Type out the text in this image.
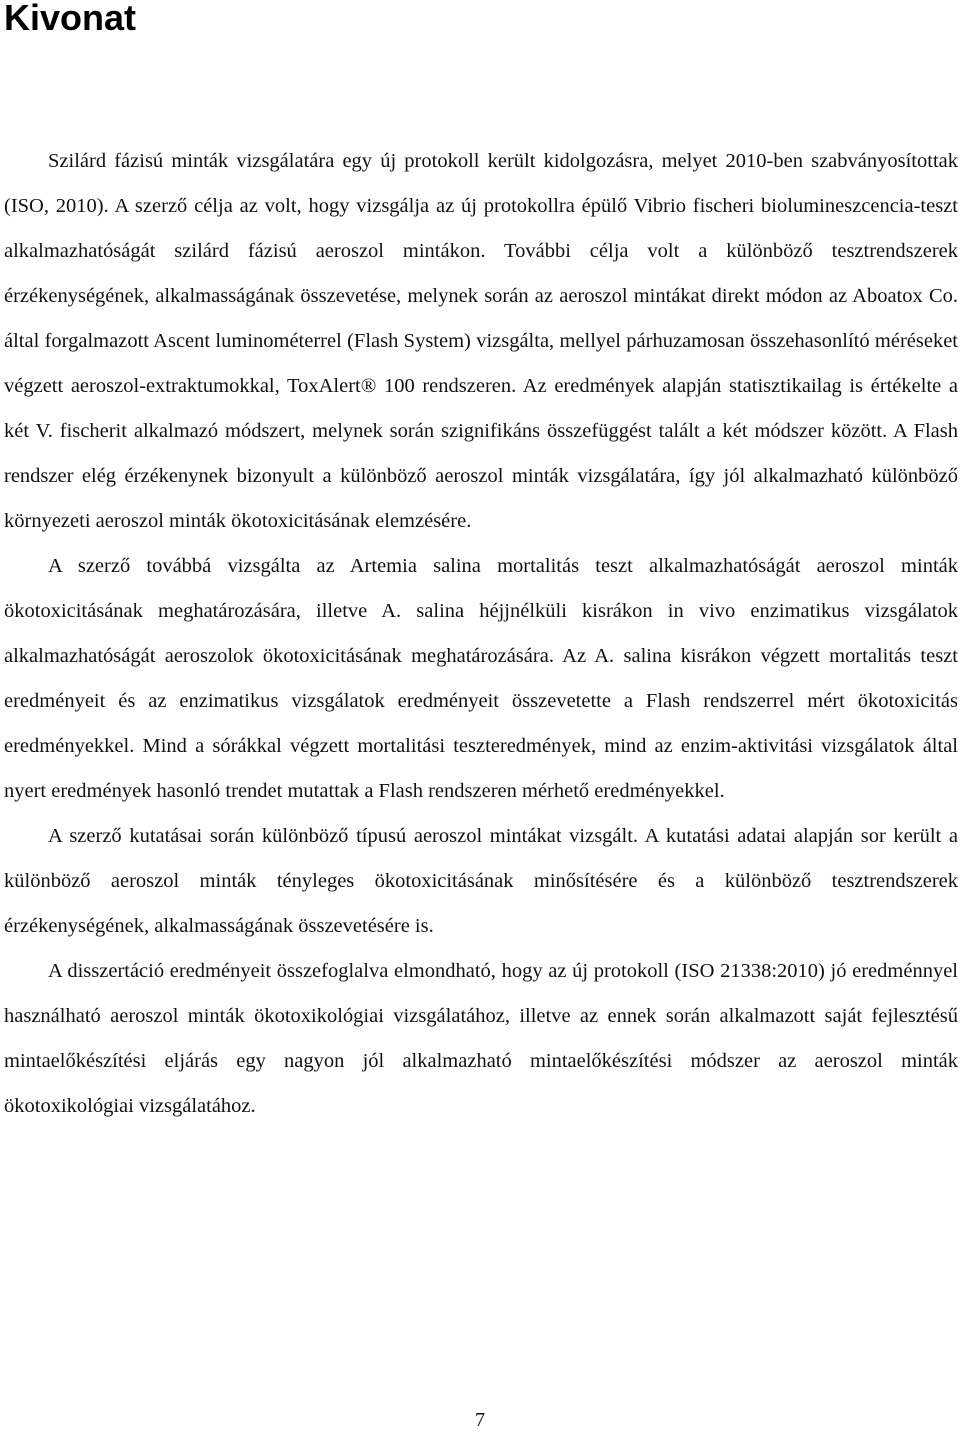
Kivonat

Szilárd fázisú minták vizsgálatára egy új protokoll került kidolgozásra, melyet 2010-ben szabványosítottak (ISO, 2010). A szerző célja az volt, hogy vizsgálja az új protokollra épülő Vibrio fischeri biolumineszcencia-teszt alkalmazhatóságát szilárd fázisú aeroszol mintákon. További célja volt a különböző tesztrendszerek érzékenységének, alkalmasságának összevetése, melynek során az aeroszol mintákat direkt módon az Aboatox Co. által forgalmazott Ascent luminométerrel (Flash System) vizsgálta, mellyel párhuzamosan összehasonlító méréseket végzett aeroszol-extraktumokkal, ToxAlert® 100 rendszeren. Az eredmények alapján statisztikailag is értékelte a két V. fischerit alkalmazó módszert, melynek során szignifikáns összefüggést talált a két módszer között. A Flash rendszer elég érzékenynek bizonyult a különböző aeroszol minták vizsgálatára, így jól alkalmazható különböző környezeti aeroszol minták ökotoxicitásának elemzésére.

A szerző továbbá vizsgálta az Artemia salina mortalitás teszt alkalmazhatóságát aeroszol minták ökotoxicitásának meghatározására, illetve A. salina héjjnélküli kisrákon in vivo enzimatikus vizsgálatok alkalmazhatóságát aeroszolok ökotoxicitásának meghatározására. Az A. salina kisrákon végzett mortalitás teszt eredményeit és az enzimatikus vizsgálatok eredményeit összevetette a Flash rendszerrel mért ökotoxicitás eredményekkel. Mind a sórákkal végzett mortalitási teszteredmények, mind az enzim-aktivitási vizsgálatok által nyert eredmények hasonló trendet mutattak a Flash rendszeren mérhető eredményekkel.

A szerző kutatásai során különböző típusú aeroszol mintákat vizsgált. A kutatási adatai alapján sor került a különböző aeroszol minták tényleges ökotoxicitásának minősítésére és a különböző tesztrendszerek érzékenységének, alkalmasságának összevetésére is.

A disszertáció eredményeit összefoglalva elmondható, hogy az új protokoll (ISO 21338:2010) jó eredménnyel használható aeroszol minták ökotoxikológiai vizsgálatához, illetve az ennek során alkalmazott saját fejlesztésű mintaelőkészítési eljárás egy nagyon jól alkalmazható mintaelőkészítési módszer az aeroszol minták ökotoxikológiai vizsgálatához.

7
